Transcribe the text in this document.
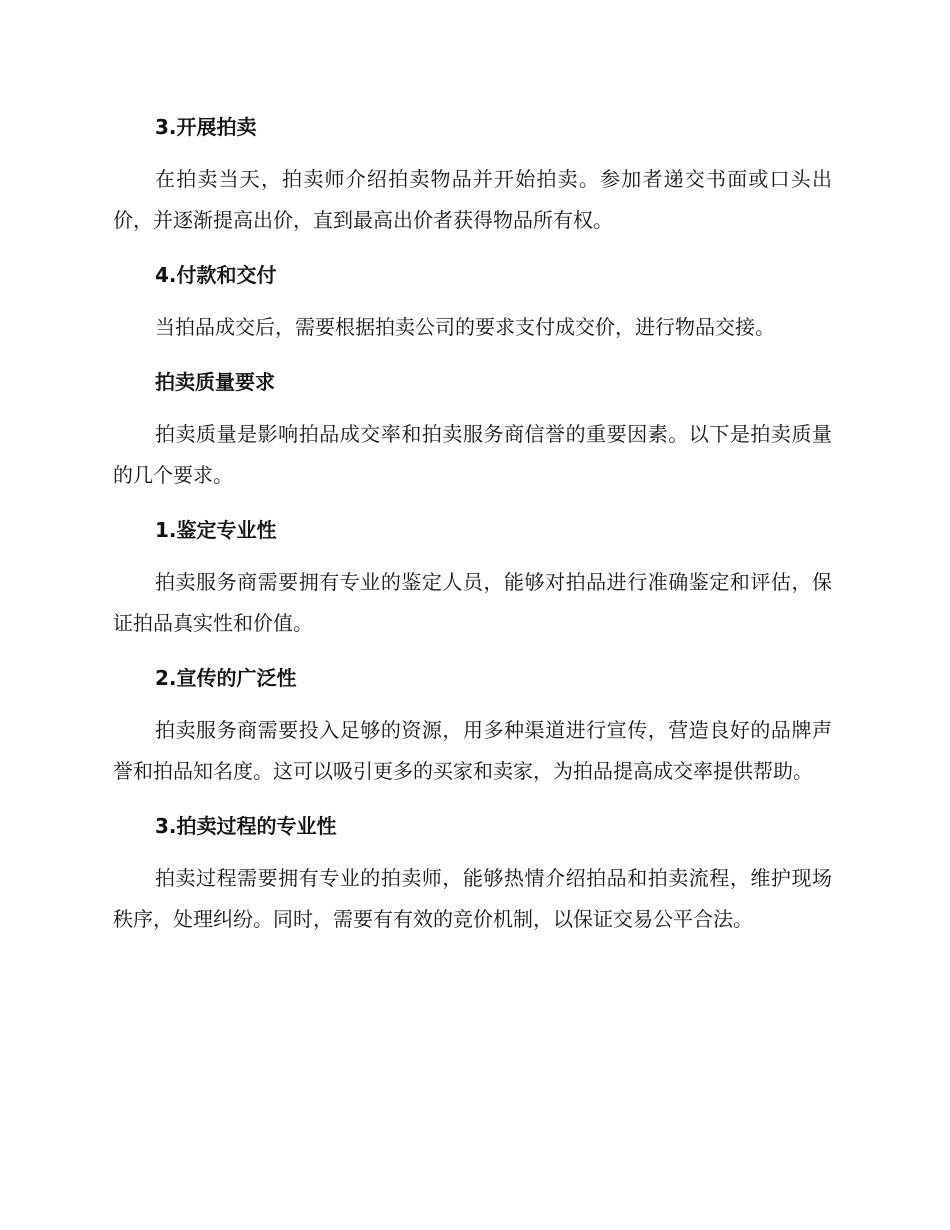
3.开展拍卖

在拍卖当天，拍卖师介绍拍卖物品并开始拍卖。参加者递交书面或口头出价，并逐渐提高出价，直到最高出价者获得物品所有权。

4.付款和交付

当拍品成交后，需要根据拍卖公司的要求支付成交价，进行物品交接。

拍卖质量要求

拍卖质量是影响拍品成交率和拍卖服务商信誉的重要因素。以下是拍卖质量的几个要求。

1.鉴定专业性

拍卖服务商需要拥有专业的鉴定人员，能够对拍品进行准确鉴定和评估，保证拍品真实性和价值。

2.宣传的广泛性

拍卖服务商需要投入足够的资源，用多种渠道进行宣传，营造良好的品牌声誉和拍品知名度。这可以吸引更多的买家和卖家，为拍品提高成交率提供帮助。

3.拍卖过程的专业性

拍卖过程需要拥有专业的拍卖师，能够热情介绍拍品和拍卖流程，维护现场秩序，处理纠纷。同时，需要有有效的竞价机制，以保证交易公平合法。
